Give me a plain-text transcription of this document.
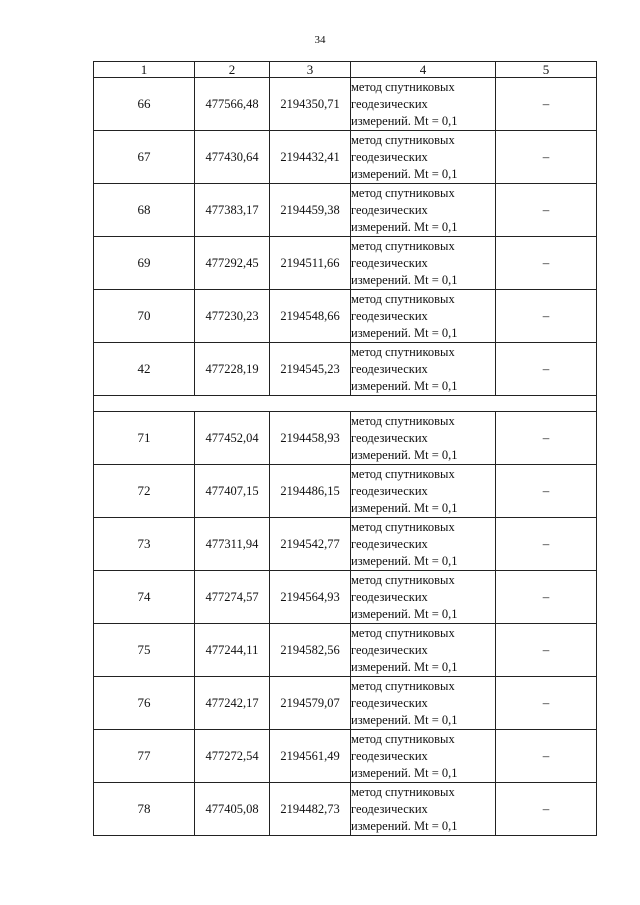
34
1	2	3	4	5
66	477566,48	2194350,71	метод спутниковых
геодезических
измерений. Mt = 0,1	–
67	477430,64	2194432,41	метод спутниковых
геодезических
измерений. Mt = 0,1	–
68	477383,17	2194459,38	метод спутниковых
геодезических
измерений. Mt = 0,1	–
69	477292,45	2194511,66	метод спутниковых
геодезических
измерений. Mt = 0,1	–
70	477230,23	2194548,66	метод спутниковых
геодезических
измерений. Mt = 0,1	–
42	477228,19	2194545,23	метод спутниковых
геодезических
измерений. Mt = 0,1	–

71	477452,04	2194458,93	метод спутниковых
геодезических
измерений. Mt = 0,1	–
72	477407,15	2194486,15	метод спутниковых
геодезических
измерений. Mt = 0,1	–
73	477311,94	2194542,77	метод спутниковых
геодезических
измерений. Mt = 0,1	–
74	477274,57	2194564,93	метод спутниковых
геодезических
измерений. Mt = 0,1	–
75	477244,11	2194582,56	метод спутниковых
геодезических
измерений. Mt = 0,1	–
76	477242,17	2194579,07	метод спутниковых
геодезических
измерений. Mt = 0,1	–
77	477272,54	2194561,49	метод спутниковых
геодезических
измерений. Mt = 0,1	–
78	477405,08	2194482,73	метод спутниковых
геодезических
измерений. Mt = 0,1	–
